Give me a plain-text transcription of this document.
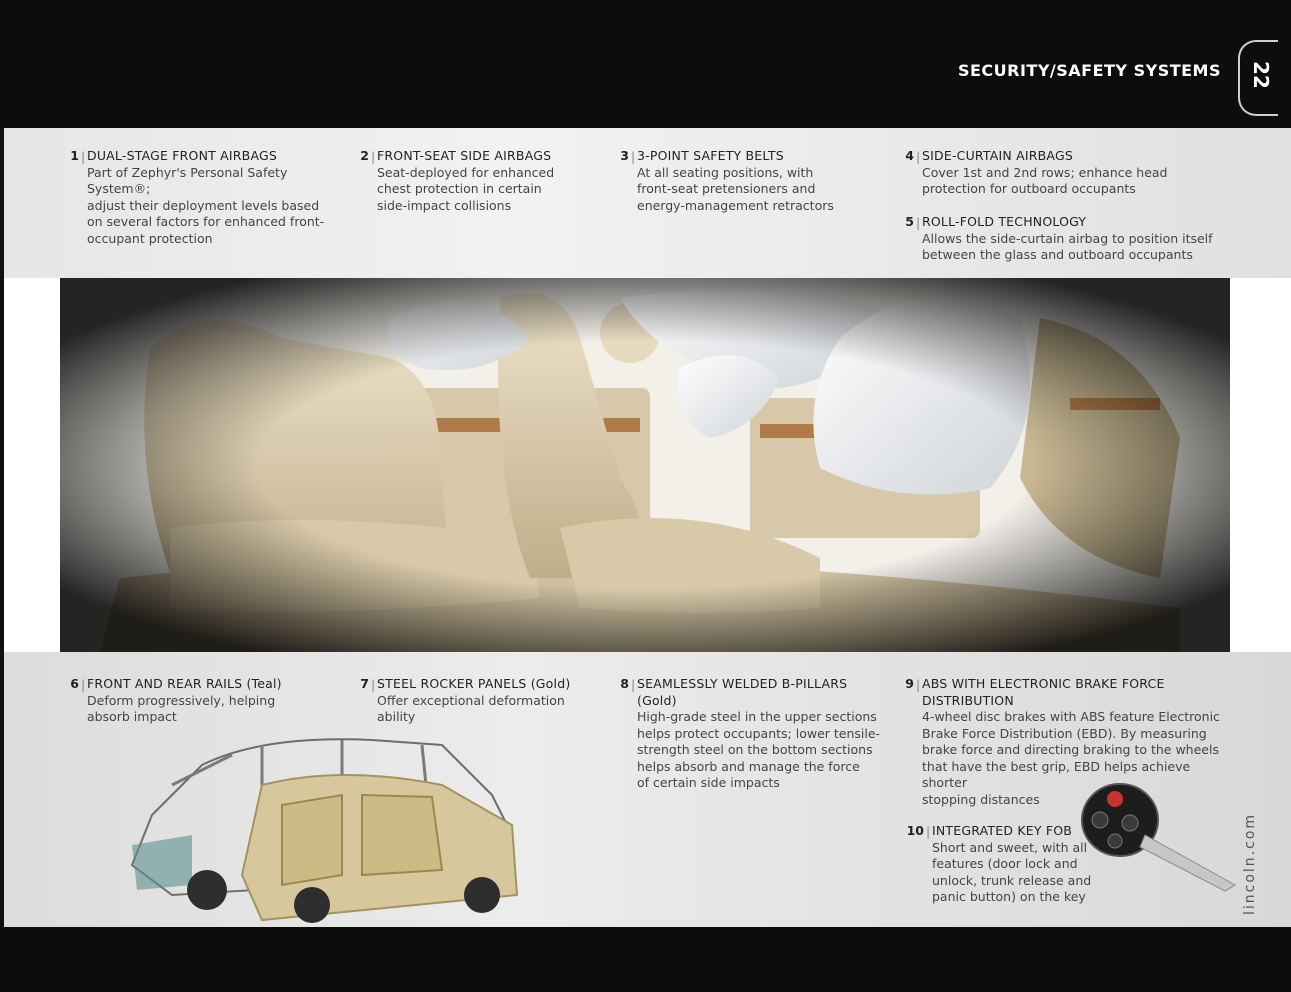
SECURITY/SAFETY SYSTEMS	22
1 | DUAL-STAGE FRONT AIRBAGS
Part of Zephyr's Personal Safety System®;
adjust their deployment levels based
on several factors for enhanced front-
occupant protection
2 | FRONT-SEAT SIDE AIRBAGS
Seat-deployed for enhanced
chest protection in certain
side-impact collisions
3 | 3-POINT SAFETY BELTS
At all seating positions, with
front-seat pretensioners and
energy-management retractors
4 | SIDE-CURTAIN AIRBAGS
Cover 1st and 2nd rows; enhance head
protection for outboard occupants
5 | ROLL-FOLD TECHNOLOGY
Allows the side-curtain airbag to position itself
between the glass and outboard occupants
6 | FRONT AND REAR RAILS (Teal)
Deform progressively, helping
absorb impact
7 | STEEL ROCKER PANELS (Gold)
Offer exceptional deformation ability
8 | SEAMLESSLY WELDED B-PILLARS (Gold)
High-grade steel in the upper sections
helps protect occupants; lower tensile-
strength steel on the bottom sections
helps absorb and manage the force
of certain side impacts
9 | ABS WITH ELECTRONIC BRAKE FORCE
DISTRIBUTION
4-wheel disc brakes with ABS feature Electronic
Brake Force Distribution (EBD). By measuring
brake force and directing braking to the wheels
that have the best grip, EBD helps achieve shorter
stopping distances
10 | INTEGRATED KEY FOB
Short and sweet, with all
features (door lock and
unlock, trunk release and
panic button) on the key	lincoln.com
